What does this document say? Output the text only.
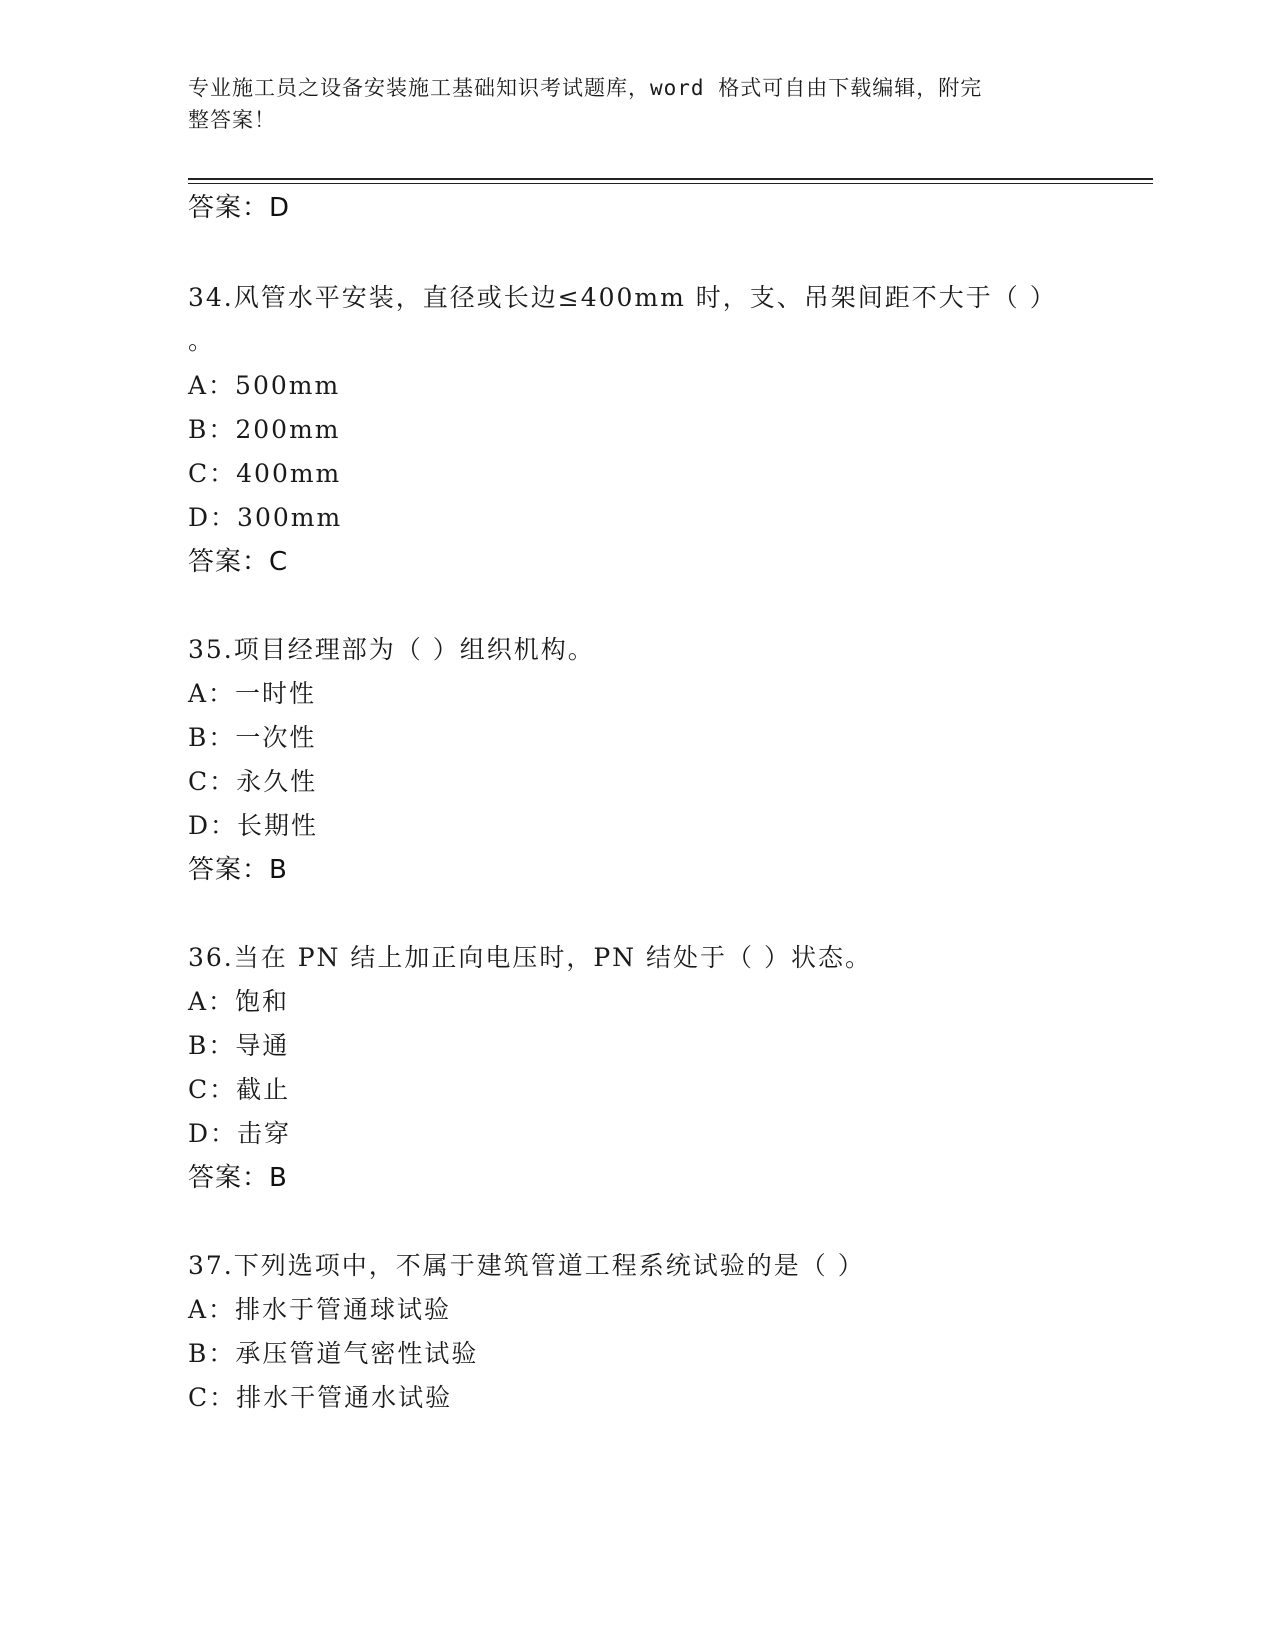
专业施工员之设备安装施工基础知识考试题库，word 格式可自由下载编辑，附完
整答案！
答案：D
34.风管水平安装，直径或长边≤400mm 时，支、吊架间距不大于（ ）
。
A：500mm
B：200mm
C：400mm
D：300mm
答案：C
35.项目经理部为（ ）组织机构。
A：一时性
B：一次性
C：永久性
D：长期性
答案：B
36.当在 PN 结上加正向电压时，PN 结处于（ ）状态。
A：饱和
B：导通
C：截止
D：击穿
答案：B
37.下列选项中，不属于建筑管道工程系统试验的是（ ）
A：排水于管通球试验
B：承压管道气密性试验
C：排水干管通水试验
